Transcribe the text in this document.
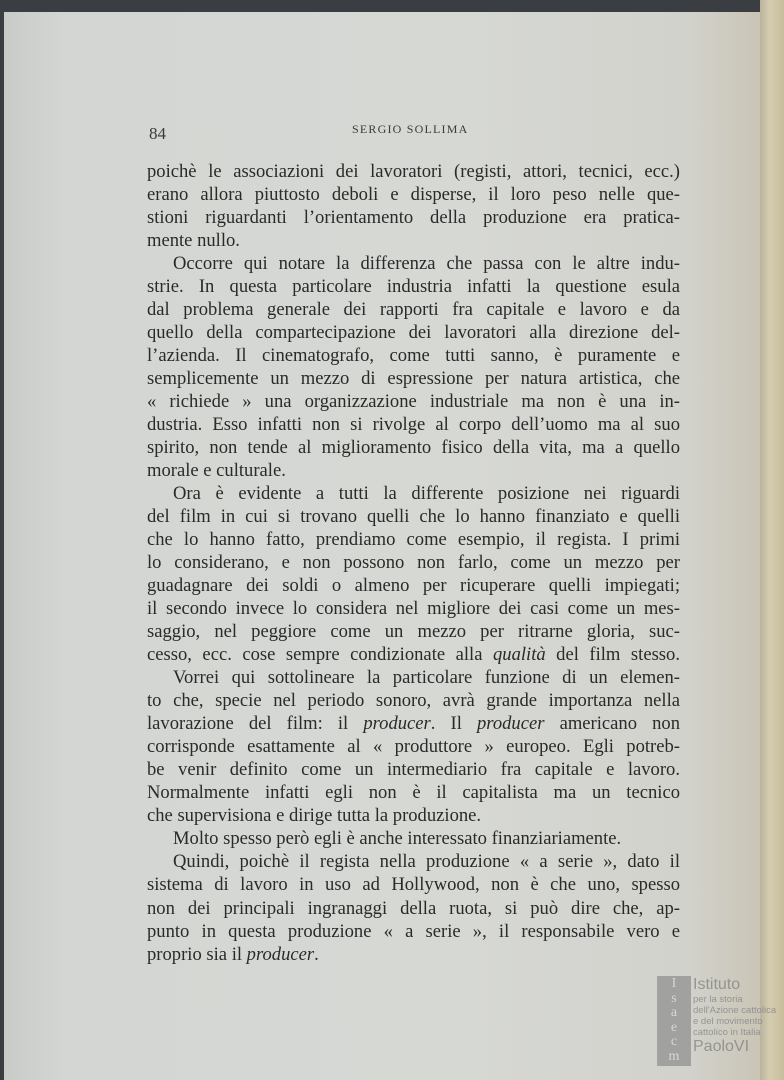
84	SERGIO SOLLIMA
poichè le associazioni dei lavoratori (registi, attori, tecnici, ecc.)
erano allora piuttosto deboli e disperse, il loro peso nelle que-
stioni riguardanti l’orientamento della produzione era pratica-
mente nullo.
Occorre qui notare la differenza che passa con le altre indu-
strie. In questa particolare industria infatti la questione esula
dal problema generale dei rapporti fra capitale e lavoro e da
quello della compartecipazione dei lavoratori alla direzione del-
l’azienda. Il cinematografo, come tutti sanno, è puramente e
semplicemente un mezzo di espressione per natura artistica, che
« richiede » una organizzazione industriale ma non è una in-
dustria. Esso infatti non si rivolge al corpo dell’uomo ma al suo
spirito, non tende al miglioramento fisico della vita, ma a quello
morale e culturale.
Ora è evidente a tutti la differente posizione nei riguardi
del film in cui si trovano quelli che lo hanno finanziato e quelli
che lo hanno fatto, prendiamo come esempio, il regista. I primi
lo considerano, e non possono non farlo, come un mezzo per
guadagnare dei soldi o almeno per ricuperare quelli impiegati;
il secondo invece lo considera nel migliore dei casi come un mes-
saggio, nel peggiore come un mezzo per ritrarne gloria, suc-
cesso, ecc. cose sempre condizionate alla qualità del film stesso.
Vorrei qui sottolineare la particolare funzione di un elemen-
to che, specie nel periodo sonoro, avrà grande importanza nella
lavorazione del film: il producer. Il producer americano non
corrisponde esattamente al « produttore » europeo. Egli potreb-
be venir definito come un intermediario fra capitale e lavoro.
Normalmente infatti egli non è il capitalista ma un tecnico
che supervisiona e dirige tutta la produzione.
Molto spesso però egli è anche interessato finanziariamente.
Quindi, poichè il regista nella produzione « a serie », dato il
sistema di lavoro in uso ad Hollywood, non è che uno, spesso
non dei principali ingranaggi della ruota, si può dire che, ap-
punto in questa produzione « a serie », il responsabile vero e
proprio sia il producer.
I
s
a
e
c
m
Istituto
per la storia
dell'Azione cattolica
e del movimento
cattolico in Italia
PaoloVI
